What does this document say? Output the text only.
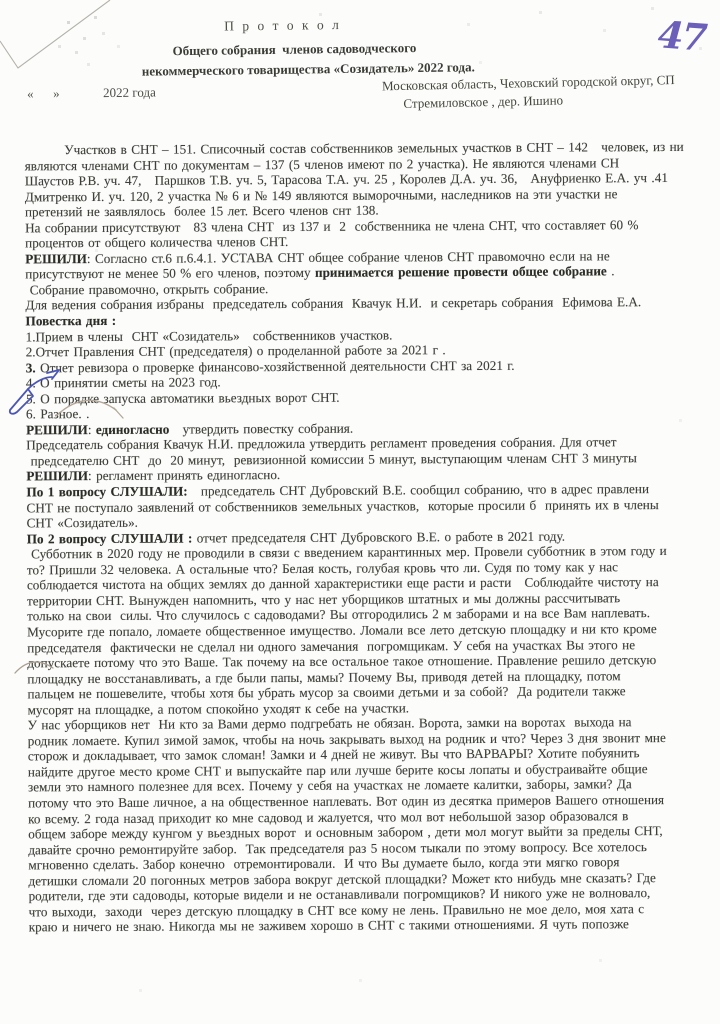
47
П р о т о к о л
Общего собрания  членов садоводческого
некоммерческого товарищества «Созидатель» 2022 года.
«      »	2022 года	Московская область, Чеховский городской округ, СП
Стремиловское , дер. Ишино
Участков в СНТ – 151. Списочный состав собственников земельных участков в СНТ – 142   человек, из ни
являются членами СНТ по документам – 137 (5 членов имеют по 2 участка). Не являются членами СН
Шаустов Р.В. уч. 47,   Паршков Т.В. уч. 5, Тарасова Т.А. уч. 25 , Королев Д.А. уч. 36,   Ануфриенко Е.А. уч .41
Дмитренко И. уч. 120, 2 участка № 6 и № 149 являются выморочными, наследников на эти участки не
претензий не заявлялось  более 15 лет. Всего членов снт 138.
На собрании присутствуют   83 члена СНТ  из 137 и  2  собственника не члена СНТ, что составляет 60 %
процентов от общего количества членов СНТ.
РЕШИЛИ: Согласно ст.6 п.6.4.1. УСТАВА СНТ общее собрание членов СНТ правомочно если на не
присутствуют не менее 50 % его членов, поэтому принимается решение провести общее собрание .
Собрание правомочно, открыть собрание.
Для ведения собрания избраны  председатель собрания  Квачук Н.И.  и секретарь собрания  Ефимова Е.А.
Повестка дня :
1.Прием в члены  СНТ «Созидатель»   собственников участков.
2.Отчет Правления СНТ (председателя) о проделанной работе за 2021 г .
3. Отчет ревизора о проверке финансово-хозяйственной деятельности СНТ за 2021 г.
4. О принятии сметы на 2023 год.
5. О порядке запуска автоматики вьездных ворот СНТ.
6. Разное. .
РЕШИЛИ: единогласно   утвердить повестку собрания.
Председатель собрания Квачук Н.И. предложила утвердить регламент проведения собрания. Для отчет
председателю СНТ  до  20 минут,  ревизионной комиссии 5 минут, выступающим членам СНТ 3 минуты
РЕШИЛИ: регламент принять единогласно.
По 1 вопросу СЛУШАЛИ:   председатель СНТ Дубровский В.Е. сообщил собранию, что в адрес правлени
СНТ не поступало заявлений от собственников земельных участков,  которые просили б  принять их в члены
СНТ «Созидатель».
По 2 вопросу СЛУШАЛИ : отчет председателя СНТ Дубровского В.Е. о работе в 2021 году.
Субботник в 2020 году не проводили в связи с введением карантинных мер. Провели субботник в этом году и
то? Пришли 32 человека. А остальные что? Белая кость, голубая кровь что ли. Судя по тому как у нас
соблюдается чистота на общих землях до данной характеристики еще расти и расти   Соблюдайте чистоту на
территории СНТ. Вынужден напомнить, что у нас нет уборщиков штатных и мы должны рассчитывать
только на свои  силы. Что случилось с садоводами? Вы отгородились 2 м заборами и на все Вам наплевать.
Мусорите где попало, ломаете общественное имущество. Ломали все лето детскую площадку и ни кто кроме
председателя  фактически не сделал ни одного замечания  погромщикам. У себя на участках Вы этого не
допускаете потому что это Ваше. Так почему на все остальное такое отношение. Правление решило детскую
площадку не восстанавливать, а где были папы, мамы? Почему Вы, приводя детей на площадку, потом
пальцем не пошевелите, чтобы хотя бы убрать мусор за своими детьми и за собой?  Да родители также
мусорят на площадке, а потом спокойно уходят к себе на участки.
У нас уборщиков нет  Ни кто за Вами дермо подгребать не обязан. Ворота, замки на воротах  выхода на
родник ломаете. Купил зимой замок, чтобы на ночь закрывать выход на родник и что? Через 3 дня звонит мне
сторож и докладывает, что замок сломан! Замки и 4 дней не живут. Вы что ВАРВАРЫ? Хотите побуянить
найдите другое место кроме СНТ и выпускайте пар или лучше берите косы лопаты и обустраивайте общие
земли это намного полезнее для всех. Почему у себя на участках не ломаете калитки, заборы, замки? Да
потому что это Ваше личное, а на общественное наплевать. Вот один из десятка примеров Вашего отношения
ко всему. 2 года назад приходит ко мне садовод и жалуется, что мол вот небольшой зазор образовался в
общем заборе между кунгом у вьездных ворот  и основным забором , дети мол могут выйти за пределы СНТ,
давайте срочно ремонтируйте забор.  Так председателя раз 5 носом тыкали по этому вопросу. Все хотелось
мгновенно сделать. Забор конечно  отремонтировали.  И что Вы думаете было, когда эти мягко говоря
детишки сломали 20 погонных метров забора вокруг детской площадки? Может кто нибудь мне сказать? Где
родители, где эти садоводы, которые видели и не останавливали погромщиков? И никого уже не волновало,
что выходи,  заходи  через детскую площадку в СНТ все кому не лень. Правильно не мое дело, моя хата с
краю и ничего не знаю. Никогда мы не заживем хорошо в СНТ с такими отношениями. Я чуть попозже
